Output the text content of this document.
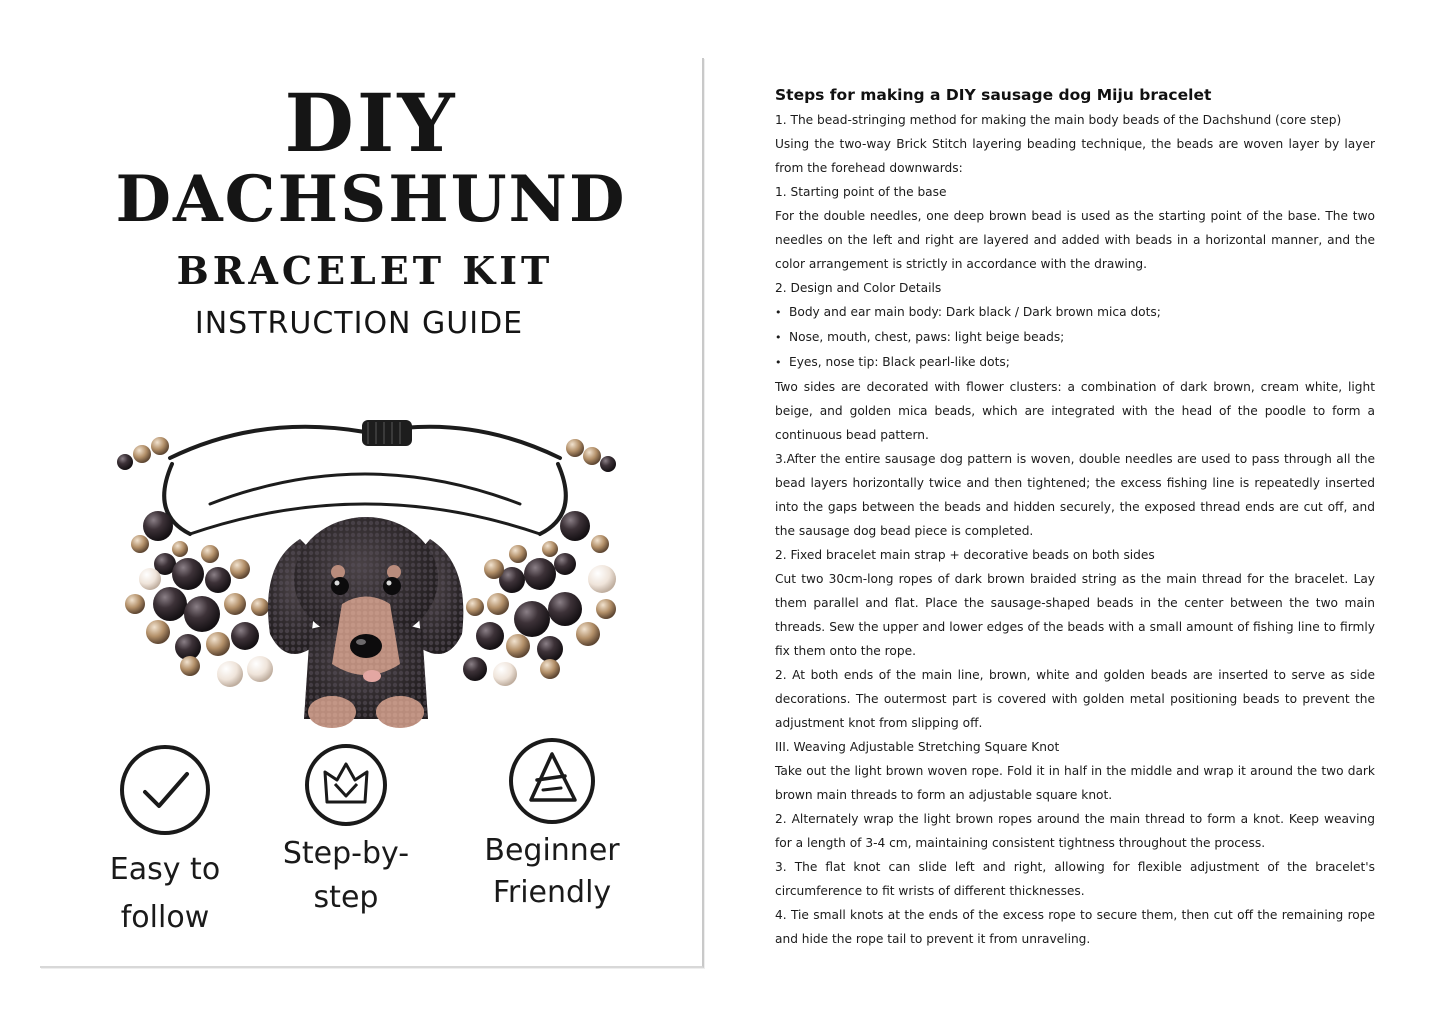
DIY
DACHSHUND
BRACELET KIT
INSTRUCTION GUIDE
Easy to
follow
Step-by-
step
Beginner
Friendly
Steps for making a DIY sausage dog Miju bracelet

1. The bead-stringing method for making the main body beads of the Dachshund (core step)

Using the two-way Brick Stitch layering beading technique, the beads are woven layer by layer from the forehead downwards:

1. Starting point of the base

For the double needles, one deep brown bead is used as the starting point of the base. The two needles on the left and right are layered and added with beads in a horizontal manner, and the color arrangement is strictly in accordance with the drawing.

2. Design and Color Details

• Body and ear main body: Dark black / Dark brown mica dots;

• Nose, mouth, chest, paws: light beige beads;

• Eyes, nose tip: Black pearl-like dots;

Two sides are decorated with flower clusters: a combination of dark brown, cream white, light beige, and golden mica beads, which are integrated with the head of the poodle to form a continuous bead pattern.

3.After the entire sausage dog pattern is woven, double needles are used to pass through all the bead layers horizontally twice and then tightened; the excess fishing line is repeatedly inserted into the gaps between the beads and hidden securely, the exposed thread ends are cut off, and the sausage dog bead piece is completed.

2. Fixed bracelet main strap + decorative beads on both sides

Cut two 30cm-long ropes of dark brown braided string as the main thread for the bracelet. Lay them parallel and flat. Place the sausage-shaped beads in the center between the two main threads. Sew the upper and lower edges of the beads with a small amount of fishing line to firmly fix them onto the rope.

2. At both ends of the main line, brown, white and golden beads are inserted to serve as side decorations. The outermost part is covered with golden metal positioning beads to prevent the adjustment knot from slipping off.

III. Weaving Adjustable Stretching Square Knot

Take out the light brown woven rope. Fold it in half in the middle and wrap it around the two dark brown main threads to form an adjustable square knot.

2. Alternately wrap the light brown ropes around the main thread to form a knot. Keep weaving for a length of 3-4 cm, maintaining consistent tightness throughout the process.

3. The flat knot can slide left and right, allowing for flexible adjustment of the bracelet's circumference to fit wrists of different thicknesses.

4. Tie small knots at the ends of the excess rope to secure them, then cut off the remaining rope and hide the rope tail to prevent it from unraveling.
